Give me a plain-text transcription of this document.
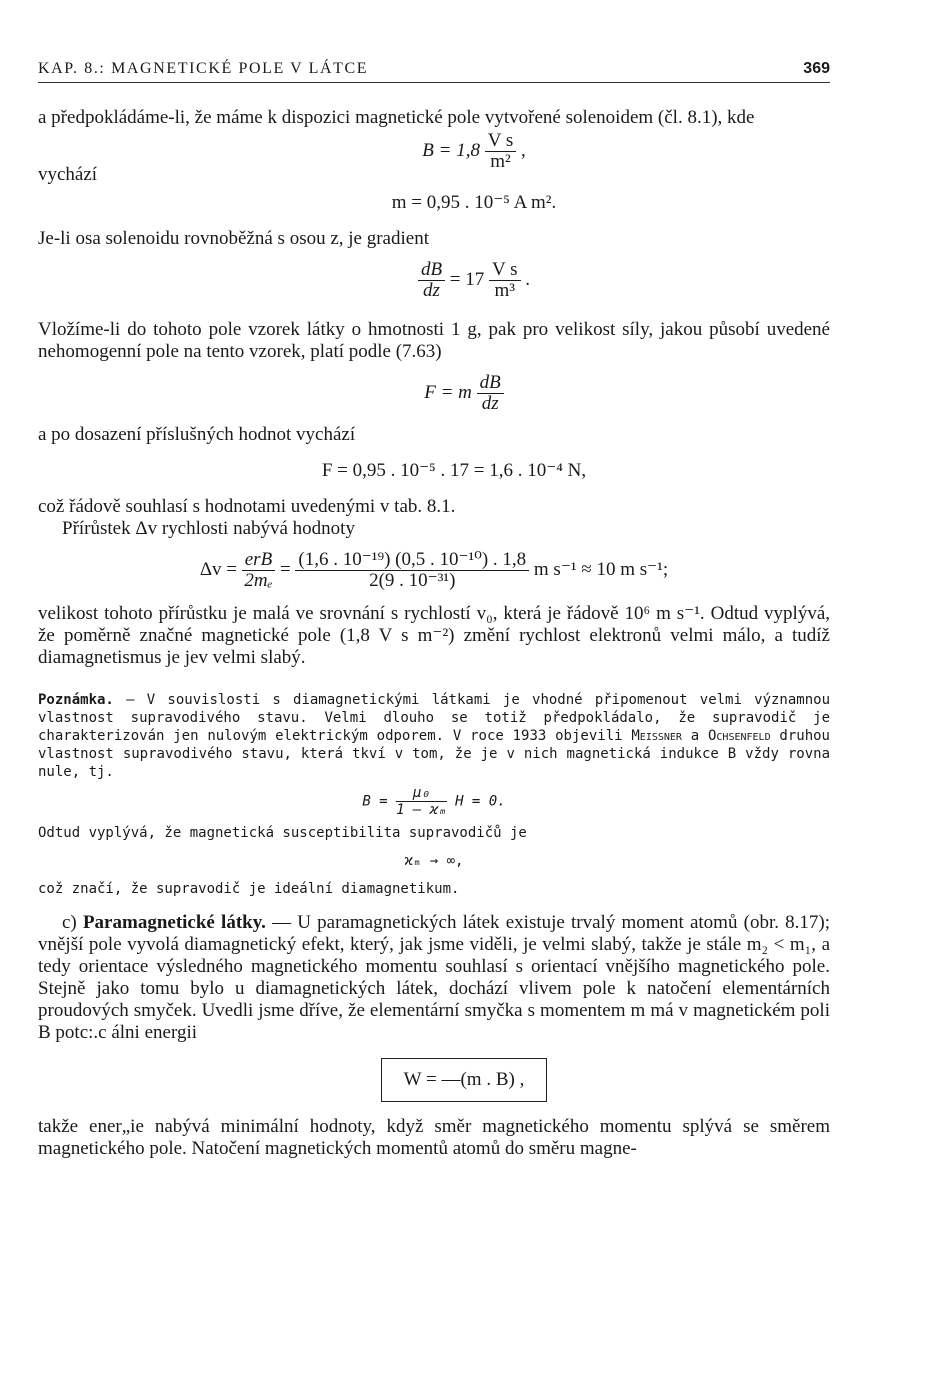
KAP. 8.: MAGNETICKÉ POLE V LÁTCE	369

a předpokládáme-li, že máme k dispozici magnetické pole vytvořené solenoidem (čl. 8.1), kde

$B = 1,8 \frac{\text{V s}}{\text{m²}}$ ,

vychází

m = 0,95 . 10⁻⁵ A m².

Je-li osa solenoidu rovnoběžná s osou z, je gradient

$\frac{dB}{dz} = 17 \frac{\text{V s}}{\text{m³}}$ .

Vložíme-li do tohoto pole vzorek látky o hmotnosti 1 g, pak pro velikost síly, jakou působí uvedené nehomogenní pole na tento vzorek, platí podle (7.63)

F = m $\frac{dB}{dz}$

a po dosazení příslušných hodnot vychází

F = 0,95 . 10⁻⁵ . 17 = 1,6 . 10⁻⁴ N,

což řádově souhlasí s hodnotami uvedenými v tab. 8.1.

Přírůstek Δv rychlosti nabývá hodnoty

$\Delta v = \frac{\text{erB}}{\text{2mₑ}} = \frac{\text{(1,6 . 10⁻¹⁹) (0,5 . 10⁻¹⁰) . 1,8}}{\text{2(9 . 10⁻³¹)}}$ m s⁻¹ ≈ 10 m s⁻¹;

velikost tohoto přírůstku je malá ve srovnání s rychlostí v₀, která je řádově 10⁶ m s⁻¹. Odtud vyplývá, že poměrně značné magnetické pole (1,8 V s m⁻²) změní rychlost elektronů velmi málo, a tudíž diamagnetismus je jev velmi slabý.

Poznámka. — V souvislosti s diamagnetickými látkami je vhodné připomenout velmi významnou vlastnost supravodivého stavu. Velmi dlouho se totiž předpokládalo, že supravodič je charakterizován jen nulovým elektrickým odporem. V roce 1933 objevili Meissner a Ochsenfeld druhou vlastnost supravodivého stavu, která tkví v tom, že je v nich magnetická indukce B vždy rovna nule, tj.

$B = \frac{\text{μ₀}}{\text{1 — ϰₘ}}$ H = 0.

Odtud vyplývá, že magnetická susceptibilita supravodičů je

ϰₘ → ∞,

což značí, že supravodič je ideální diamagnetikum.

c) Paramagnetické látky. — U paramagnetických látek existuje trvalý moment atomů (obr. 8.17); vnější pole vyvolá diamagnetický efekt, který, jak jsme viděli, je velmi slabý, takže je stále m₂ < m₁, a tedy orientace výsledného magnetického momentu souhlasí s orientací vnějšího magnetického pole. Stejně jako tomu bylo u diamagnetických látek, dochází vlivem pole k natočení elementárních proudových smyček. Uvedli jsme dříve, že elementární smyčka s momentem m má v magnetickém poli B potc:.c álni energii

W = —(m . B) ,

takže ener„ie nabývá minimální hodnoty, když směr magnetického momentu splývá se směrem magnetického pole. Natočení magnetických momentů atomů do směru magne-
